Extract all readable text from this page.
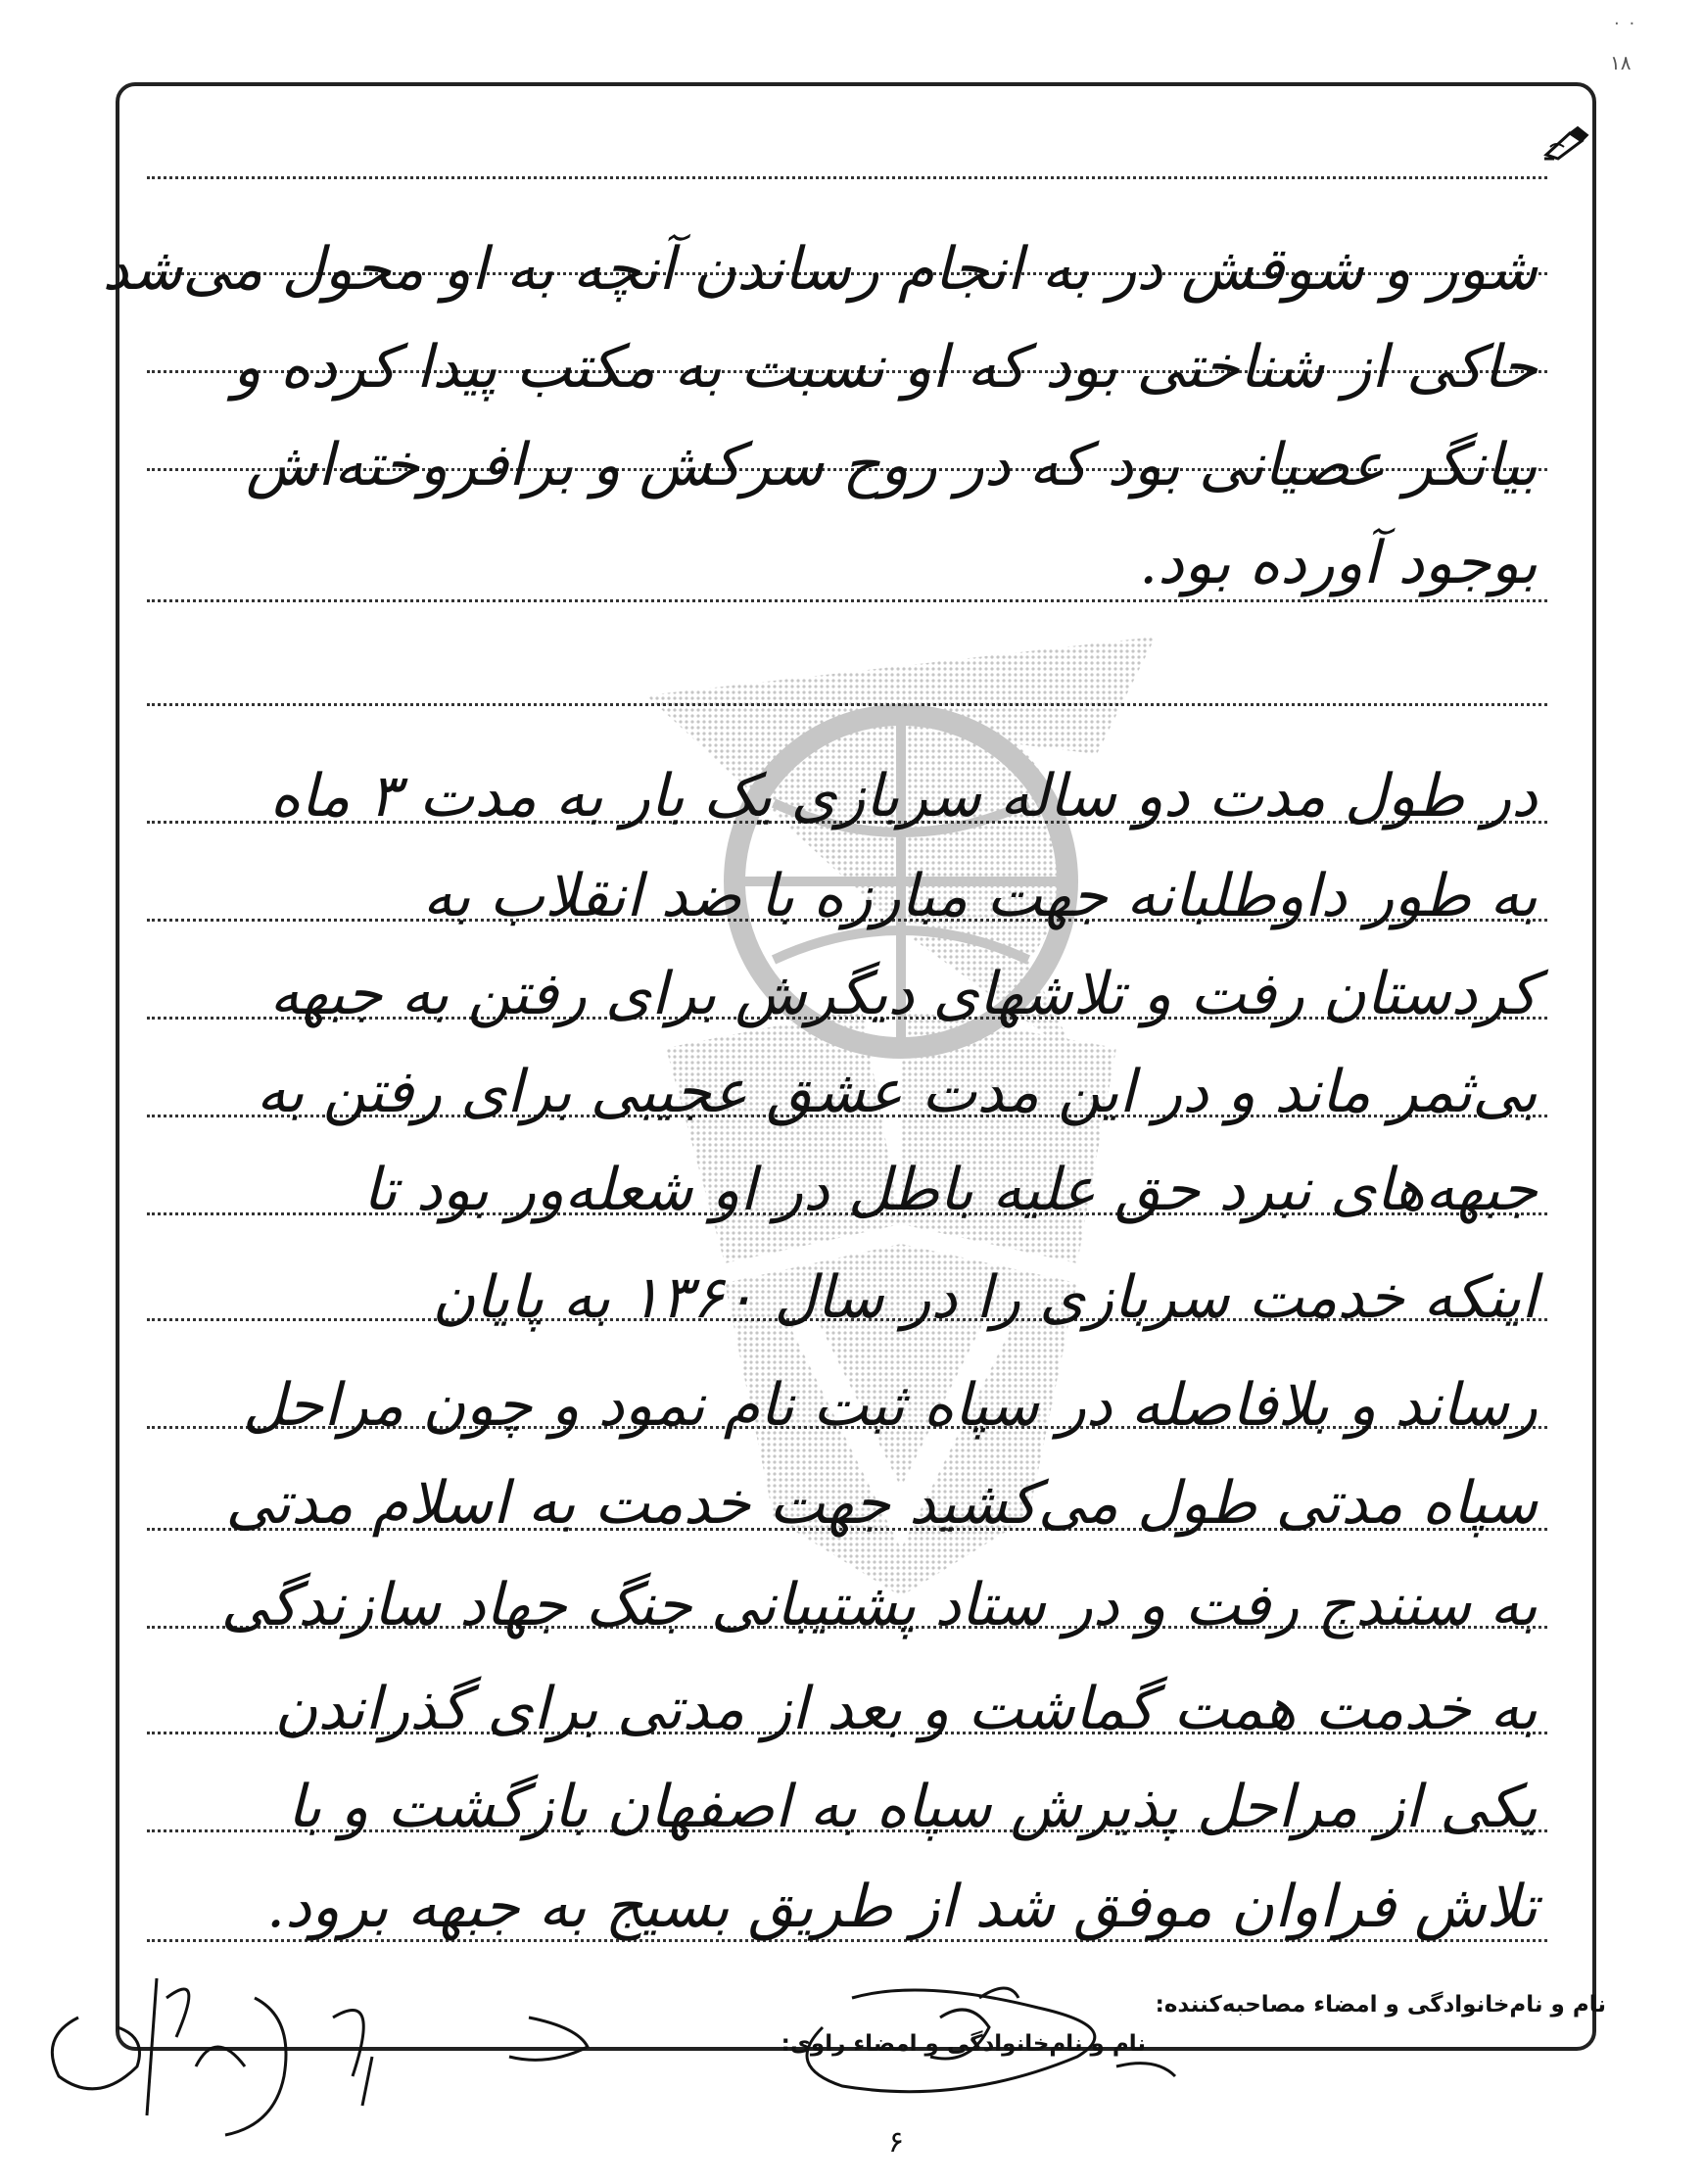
· ·
١٨
شور و شوقش در به انجام رساندن آنچه به او محول می‌شد
حاکی از شناختی بود که او نسبت به مکتب پیدا کرده و
بیانگر عصیانی بود که در روح سرکش و برافروخته‌اش
بوجود آورده بود.
در طول مدت دو ساله سربازی یک بار به مدت ۳ ماه
به طور داوطلبانه جهت مبارزه با ضد انقلاب به
کردستان رفت و تلاشهای دیگرش برای رفتن به جبهه
بی‌ثمر ماند و در این مدت عشق عجیبی برای رفتن به
جبهه‌های نبرد حق علیه باطل در او شعله‌ور بود تا
اینکه خدمت سربازی را در سال ۱۳۶۰ به پایان
رساند و بلافاصله در سپاه ثبت نام نمود و چون مراحل
سپاه مدتی طول می‌کشید جهت خدمت به اسلام مدتی
به سنندج رفت و در ستاد پشتیبانی جنگ جهاد سازندگی
به خدمت همت گماشت و بعد از مدتی برای گذراندن
یکی از مراحل پذیرش سپاه به اصفهان بازگشت و با
تلاش فراوان موفق شد از طریق بسیج به جبهه برود.
نام و نام‌خانوادگی و امضاء مصاحبه‌کننده:
نام و نام‌خانوادگی و امضاء راوی:
۶
